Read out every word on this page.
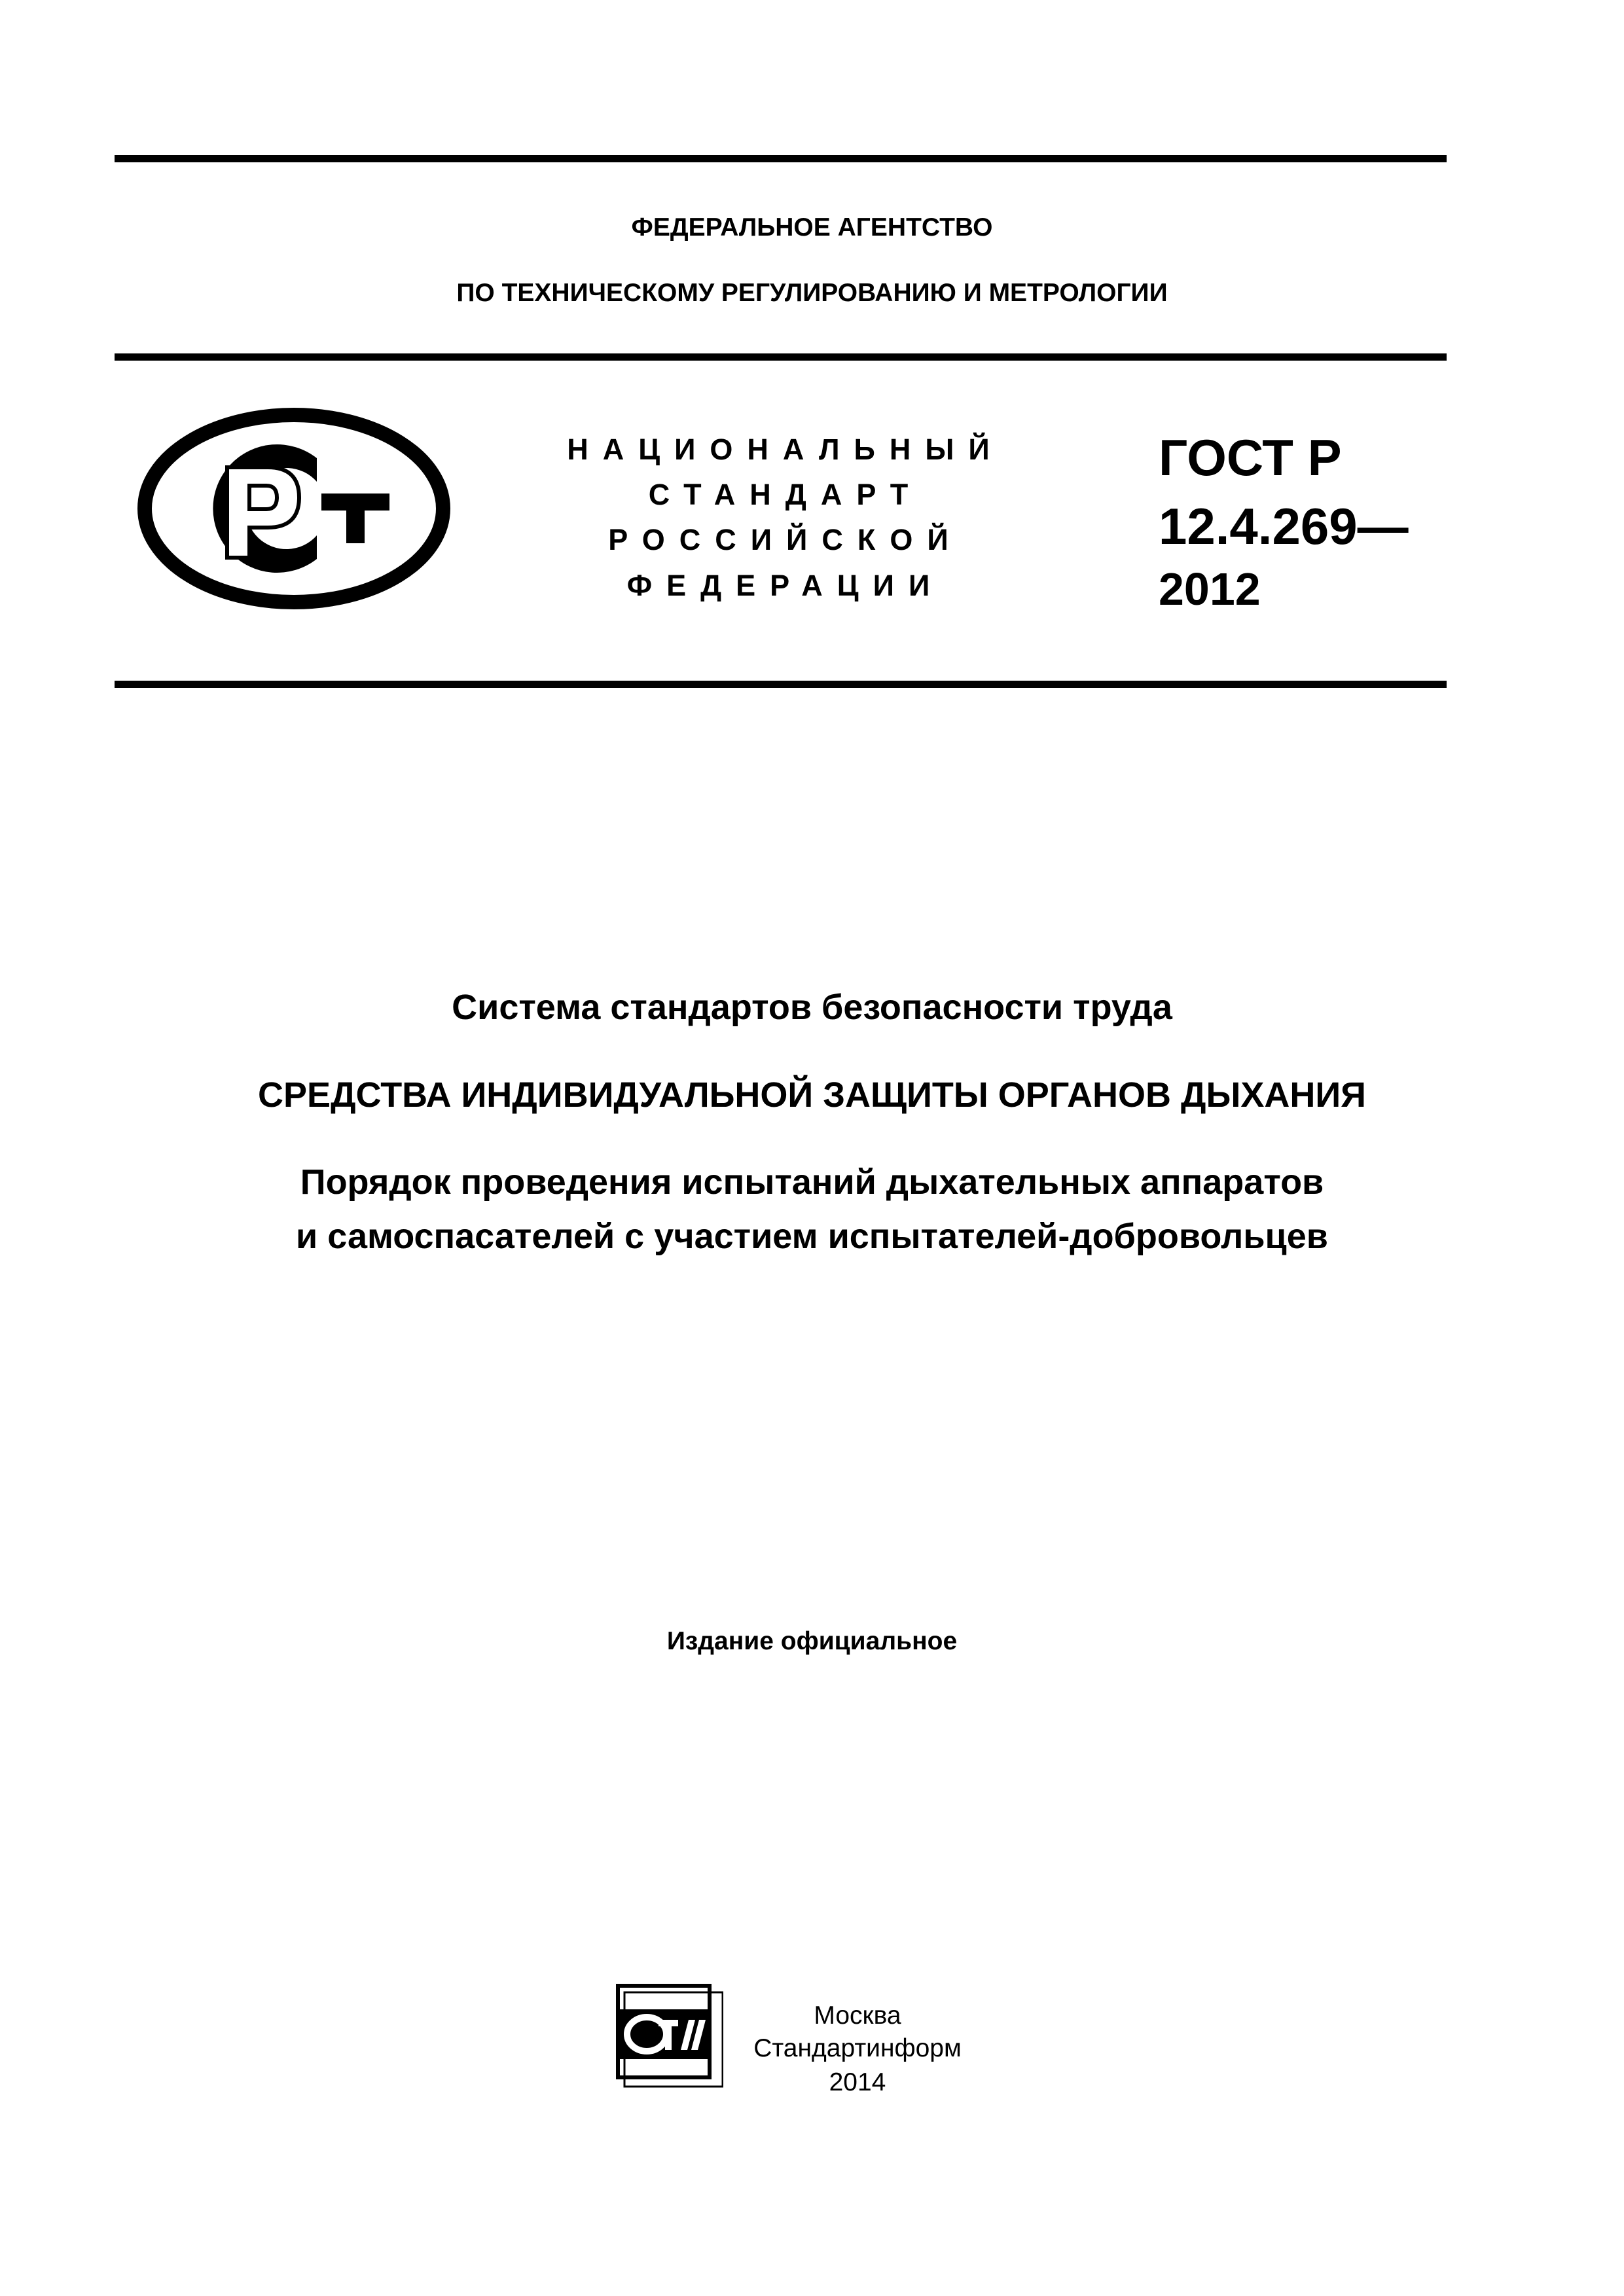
ФЕДЕРАЛЬНОЕ АГЕНТСТВО
ПО ТЕХНИЧЕСКОМУ РЕГУЛИРОВАНИЮ И МЕТРОЛОГИИ
РСТ
НАЦИОНАЛЬНЫЙ
СТАНДАРТ
РОССИЙСКОЙ
ФЕДЕРАЦИИ
ГОСТ Р
12.4.269—
2012
Система стандартов безопасности труда
СРЕДСТВА ИНДИВИДУАЛЬНОЙ ЗАЩИТЫ ОРГАНОВ ДЫХАНИЯ
Порядок проведения испытаний дыхательных аппаратов
и самоспасателей с участием испытателей-добровольцев
Издание официальное
СТИ
Москва
Стандартинформ
2014
